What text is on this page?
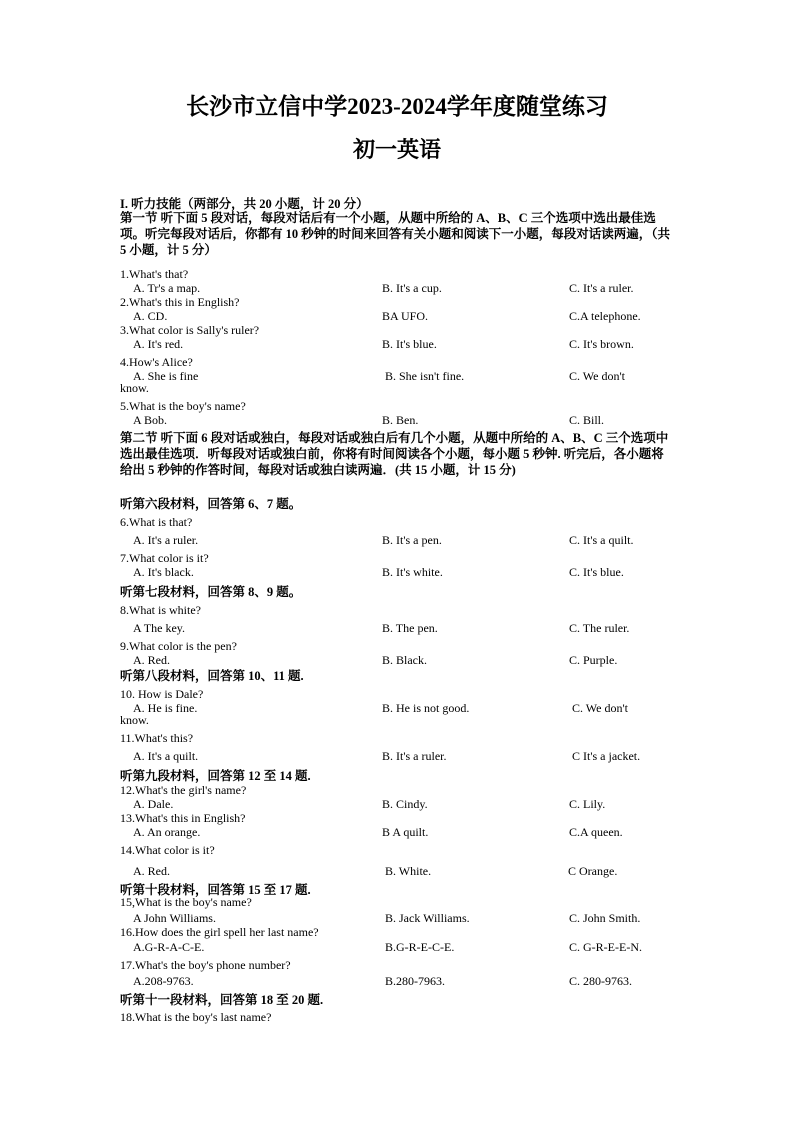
长沙市立信中学2023-2024学年度随堂练习
初一英语
I. 听力技能（两部分，共 20 小题，计 20 分）
第一节 听下面 5 段对话，每段对话后有一个小题，从题中所给的 A、B、C 三个选项中选出最佳选项。听完每段对话后，你都有 10 秒钟的时间来回答有关小题和阅读下一小题，每段对话读两遍，（共 5 小题，计 5 分）
1.What's that?
A. Tr's a map.	B. It's a cup.	C. It's a ruler.
2.What's this in English?
A. CD.	BA UFO.	C.A telephone.
3.What color is Sally's ruler?
A. It's red.	B. It's blue.	C. It's brown.
4.How's Alice?
A. She is fine	B. She isn't fine.	C. We don't
know.
5.What is the boy's name?
A Bob.	B. Ben.	C. Bill.
第二节 听下面 6 段对话或独白，每段对话或独白后有几个小题，从题中所给的 A、B、C 三个选项中选出最佳选项．听每段对话或独白前，你将有时间阅读各个小题，每小题 5 秒钟. 听完后，各小题将给出 5 秒钟的作答时间，每段对话或独白读两遍．(共 15 小题，计 15 分)
听第六段材料，回答第 6、7 题。
6.What is that?
A. It's a ruler.	B. It's a pen.	C. It's a quilt.
7.What color is it?
A. It's black.	B. It's white.	C. It's blue.
听第七段材料，回答第 8、9 题。
8.What is white?
A The key.	B. The pen.	C. The ruler.
9.What color is the pen?
A. Red.	B. Black.	C. Purple.
听第八段材料，回答第 10、11 题.
10. How is Dale?
A. He is fine.	B. He is not good.	C. We don't
know.
11.What's this?
A. It's a quilt.	B. It's a ruler.	C It's a jacket.
听第九段材料，回答第 12 至 14 题.
12.What's the girl's name?
A. Dale.	B. Cindy.	C. Lily.
13.What's this in English?
A. An orange.	B A quilt.	C.A queen.
14.What color is it?
A. Red.	B. White.	C Orange.
听第十段材料，回答第 15 至 17 题.
15,What is the boy's name?
A John Williams.	B. Jack Williams.	C. John Smith.
16.How does the girl spell her last name?
A.G-R-A-C-E.	B.G-R-E-C-E.	C. G-R-E-E-N.
17.What's the boy's phone number?
A.208-9763.	B.280-7963.	C. 280-9763.
听第十一段材料，回答第 18 至 20 题.
18.What is the boy's last name?
